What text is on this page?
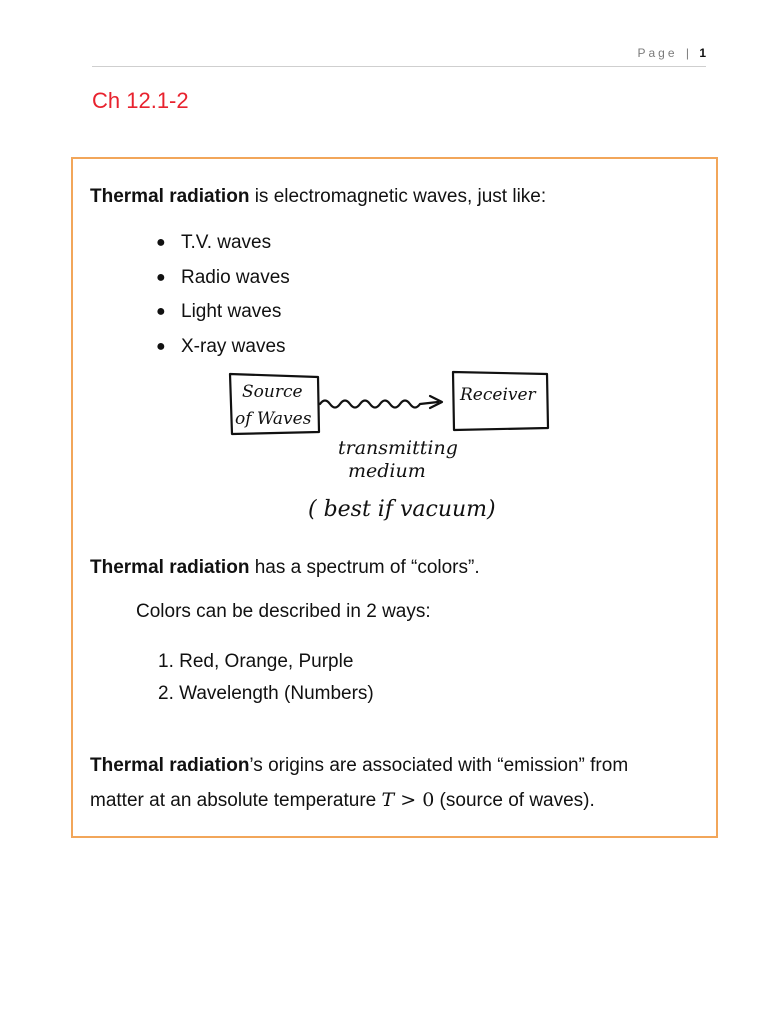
Page | 1
Ch 12.1-2
Thermal radiation is electromagnetic waves, just like:
● T.V. waves
● Radio waves
● Light waves
● X-ray waves
Source
of Waves
Receiver
transmitting
medium
( best if vacuum)
Thermal radiation has a spectrum of “colors”.
Colors can be described in 2 ways:
1. Red, Orange, Purple
2. Wavelength (Numbers)
Thermal radiation’s origins are associated with “emission” from
matter at an absolute temperature T > 0 (source of waves).
